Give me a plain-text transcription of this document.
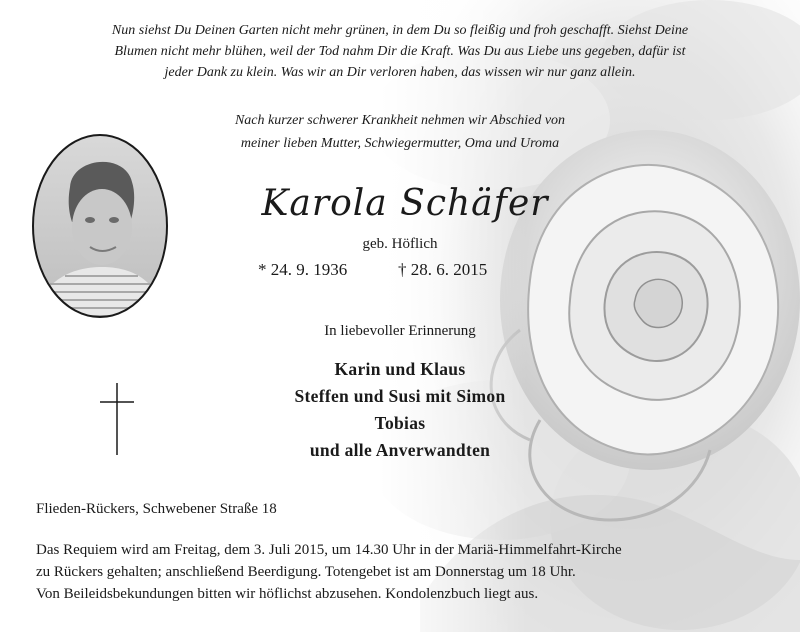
Nun siehst Du Deinen Garten nicht mehr grünen, in dem Du so fleißig und froh geschafft. Siehst Deine
Blumen nicht mehr blühen, weil der Tod nahm Dir die Kraft. Was Du aus Liebe uns gegeben, dafür ist
jeder Dank zu klein. Was wir an Dir verloren haben, das wissen wir nur ganz allein.
Nach kurzer schwerer Krankheit nehmen wir Abschied von
meiner lieben Mutter, Schwiegermutter, Oma und Uroma
Karola Schäfer
geb. Höflich
* 24. 9. 1936	† 28. 6. 2015
In liebevoller Erinnerung
Karin und Klaus
Steffen und Susi mit Simon
Tobias
und alle Anverwandten
Flieden-Rückers, Schwebener Straße 18
Das Requiem wird am Freitag, dem 3. Juli 2015, um 14.30 Uhr in der Mariä-Himmelfahrt-Kirche
zu Rückers gehalten; anschließend Beerdigung. Totengebet ist am Donnerstag um 18 Uhr.
Von Beileidsbekundungen bitten wir höflichst abzusehen. Kondolenzbuch liegt aus.
